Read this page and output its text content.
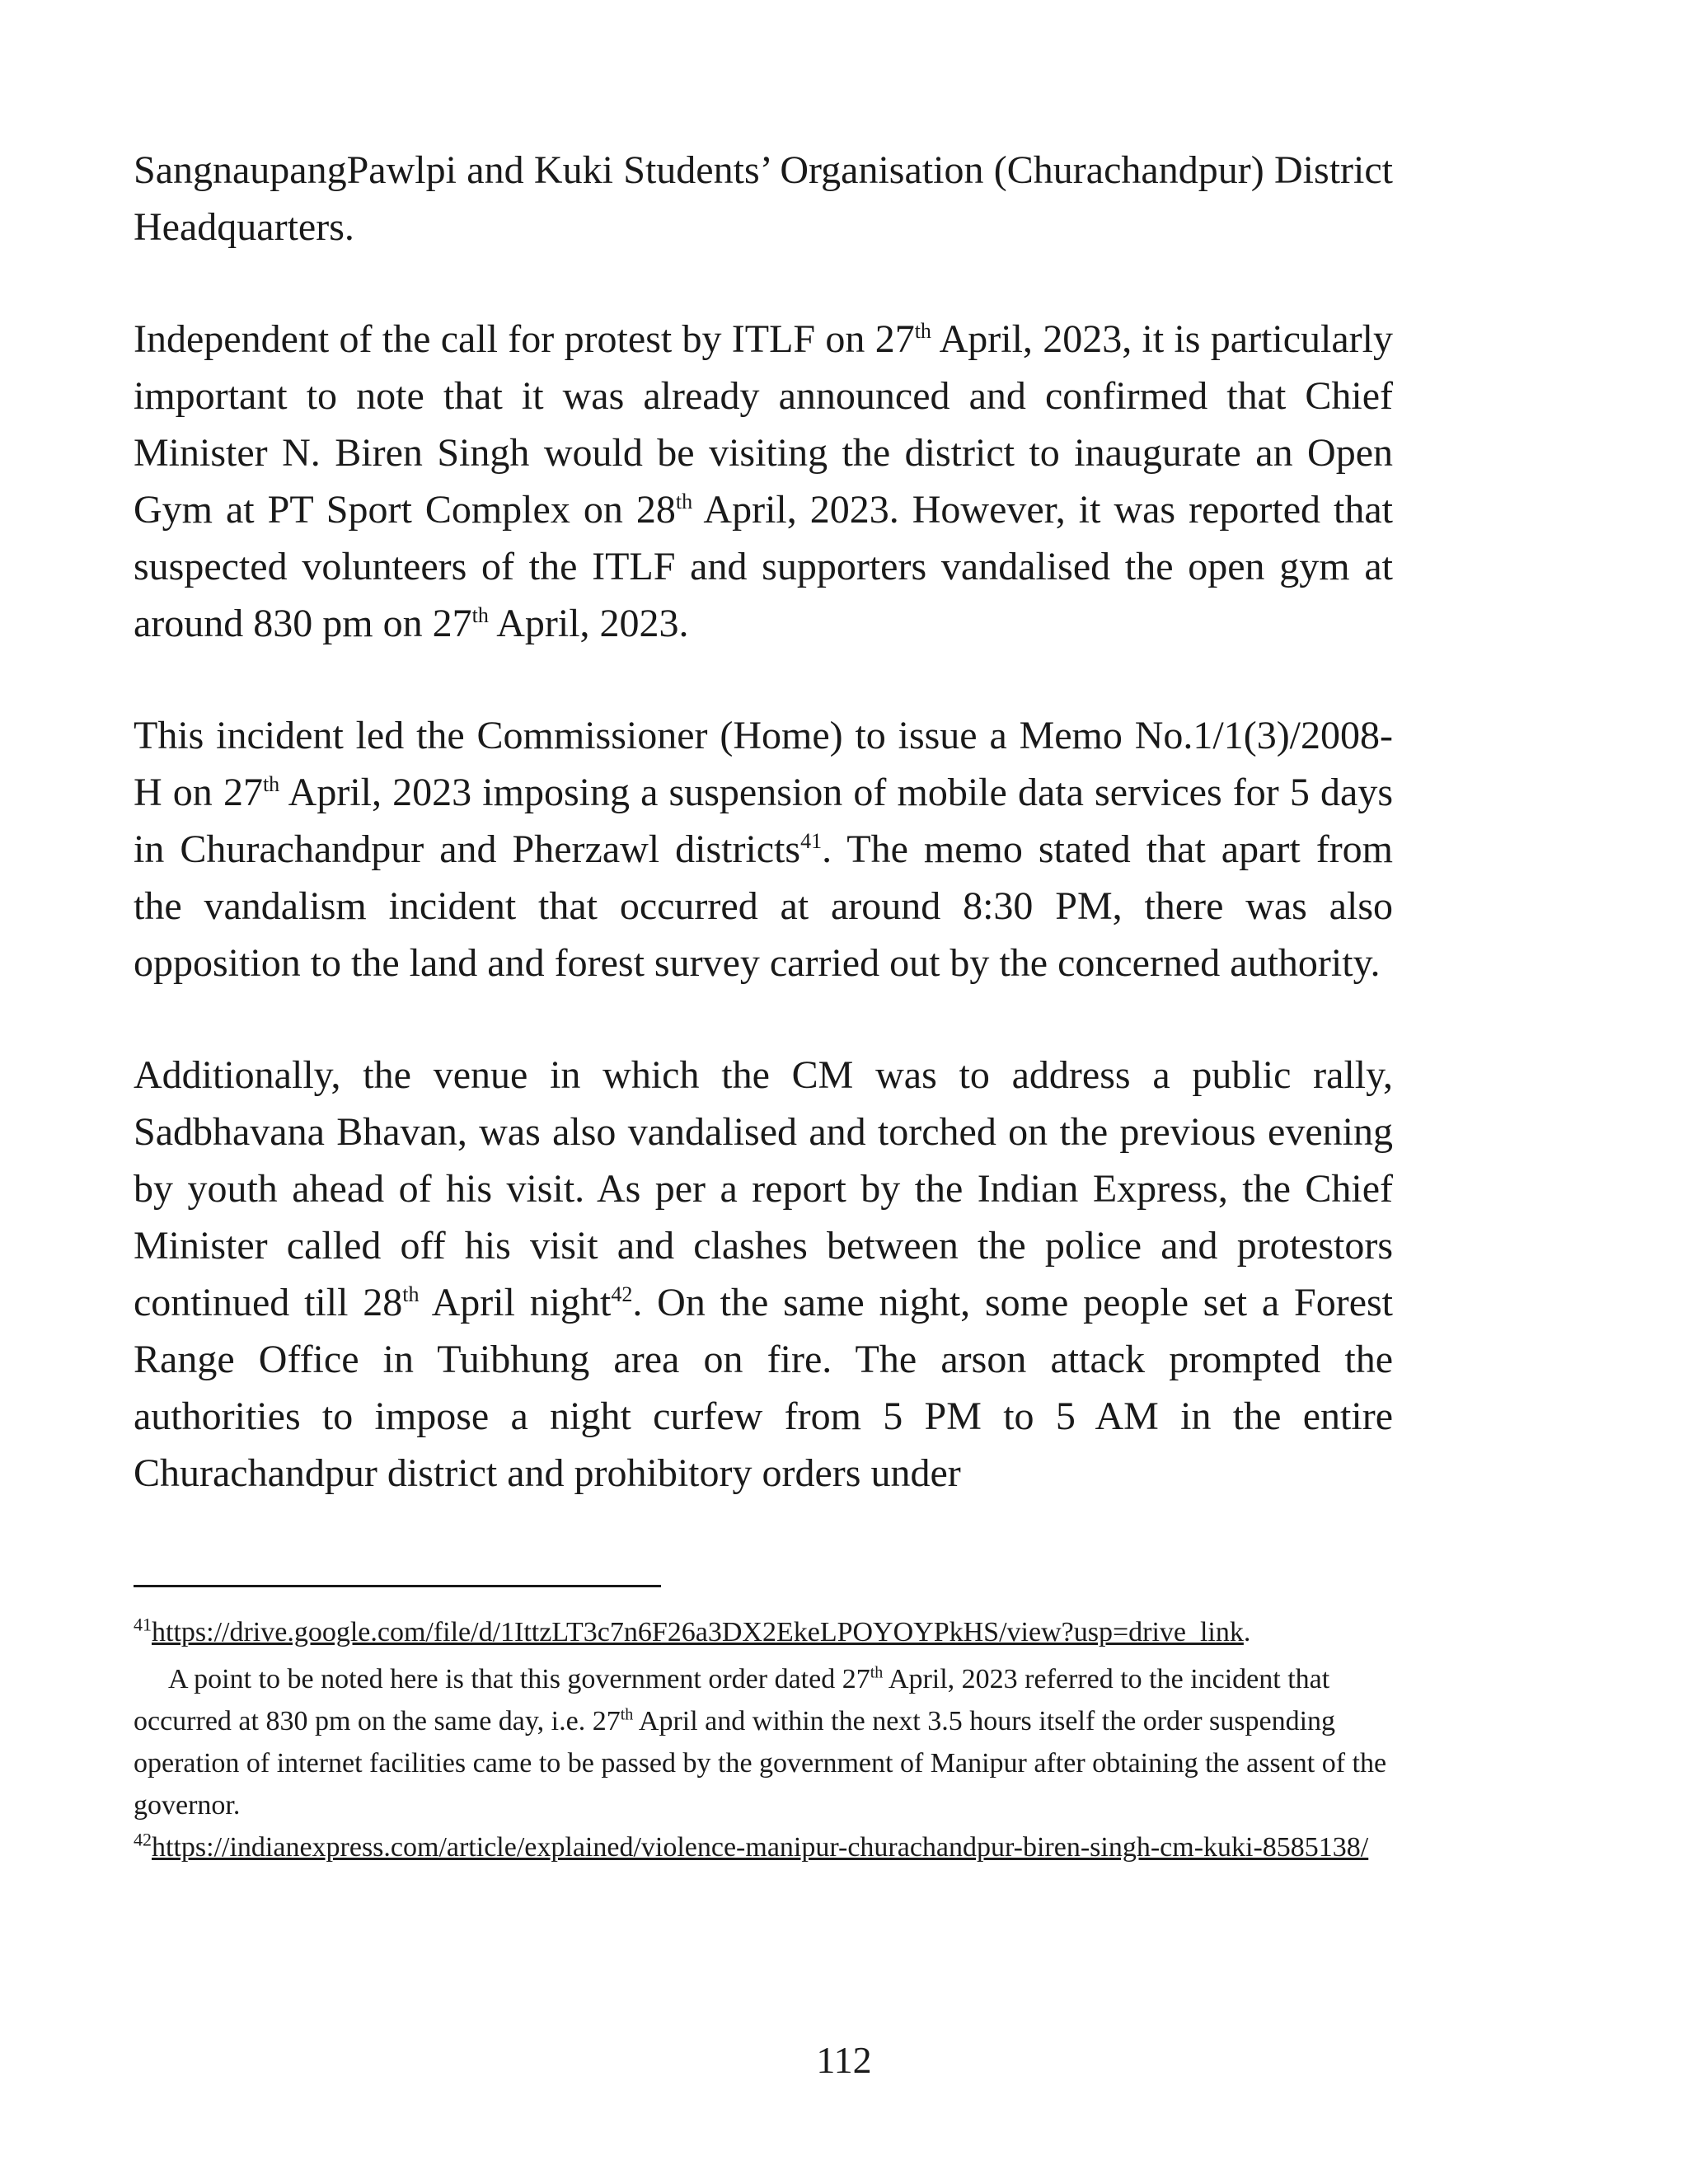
SangnaupangPawlpi and Kuki Students’ Organisation (Churachandpur) District Headquarters.

Independent of the call for protest by ITLF on 27th April, 2023, it is particularly important to note that it was already announced and confirmed that Chief Minister N. Biren Singh would be visiting the district to inaugurate an Open Gym at PT Sport Complex on 28th April, 2023. However, it was reported that suspected volunteers of the ITLF and supporters vandalised the open gym at around 830 pm on 27th April, 2023.

This incident led the Commissioner (Home) to issue a Memo No.1/1(3)/2008-H on 27th April, 2023 imposing a suspension of mobile data services for 5 days in Churachandpur and Pherzawl districts$^{41}$. The memo stated that apart from the vandalism incident that occurred at around 8:30 PM, there was also opposition to the land and forest survey carried out by the concerned authority.

Additionally, the venue in which the CM was to address a public rally, Sadbhavana Bhavan, was also vandalised and torched on the previous evening by youth ahead of his visit. As per a report by the Indian Express, the Chief Minister called off his visit and clashes between the police and protestors continued till 28th April night$^{42}$. On the same night, some people set a Forest Range Office in Tuibhung area on fire. The arson attack prompted the authorities to impose a night curfew from 5 PM to 5 AM in the entire Churachandpur district and prohibitory orders under

$^{41}$https://drive.google.com/file/d/1IttzLT3c7n6F26a3DX2EkeLPOYOYPkHS/view?usp=drive_link.

A point to be noted here is that this government order dated 27th April, 2023 referred to the incident that occurred at 830 pm on the same day, i.e. 27th April and within the next 3.5 hours itself the order suspending operation of internet facilities came to be passed by the government of Manipur after obtaining the assent of the governor.

$^{42}$https://indianexpress.com/article/explained/violence-manipur-churachandpur-biren-singh-cm-kuki-8585138/

112
